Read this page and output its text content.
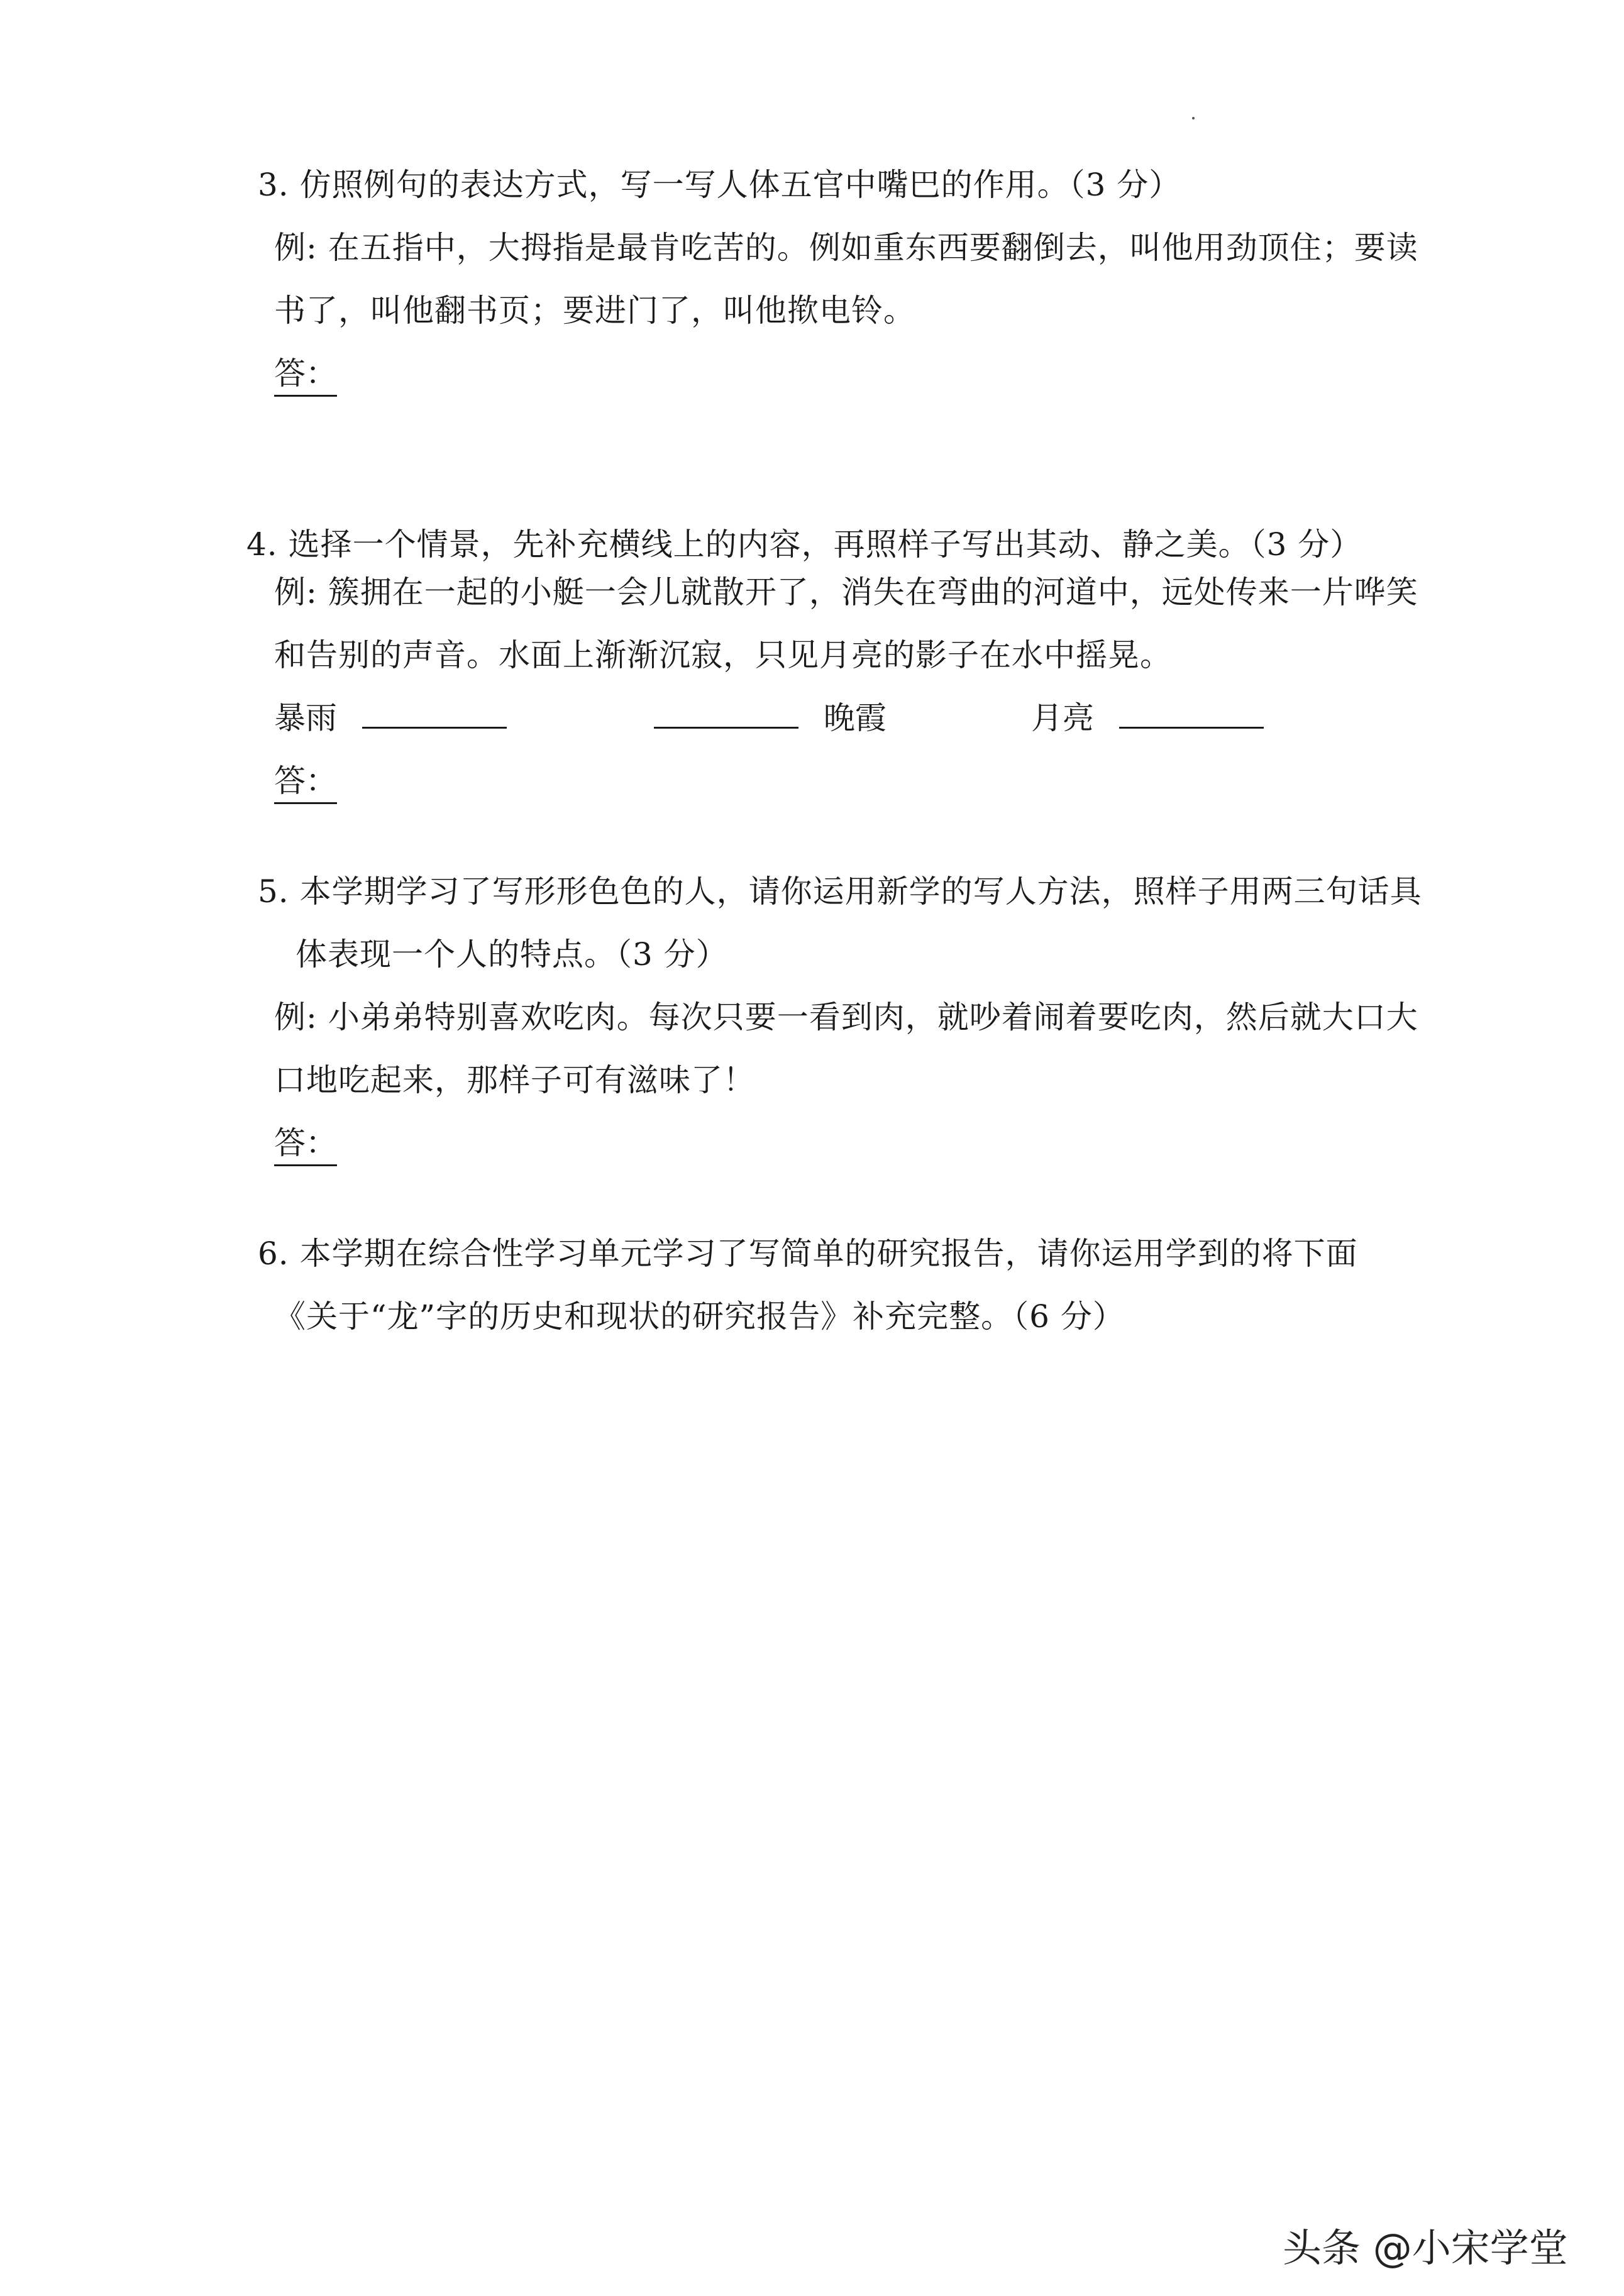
3. 仿照例句的表达方式，写一写人体五官中嘴巴的作用。（3 分）
例: 在五指中，大拇指是最肯吃苦的。例如重东西要翻倒去，叫他用劲顶住；要读
书了，叫他翻书页；要进门了，叫他揿电铃。
答：
4. 选择一个情景，先补充横线上的内容，再照样子写出其动、静之美。（3 分）
例: 簇拥在一起的小艇一会儿就散开了，消失在弯曲的河道中，远处传来一片哗笑
和告别的声音。水面上渐渐沉寂，只见月亮的影子在水中摇晃。
暴雨	晚霞	月亮
答：
5. 本学期学习了写形形色色的人，请你运用新学的写人方法，照样子用两三句话具
体表现一个人的特点。（3 分）
例: 小弟弟特别喜欢吃肉。每次只要一看到肉，就吵着闹着要吃肉，然后就大口大
口地吃起来，那样子可有滋味了！
答：
6. 本学期在综合性学习单元学习了写简单的研究报告，请你运用学到的将下面
《关于“龙”字的历史和现状的研究报告》补充完整。（6 分）
头条 @小宋学堂
